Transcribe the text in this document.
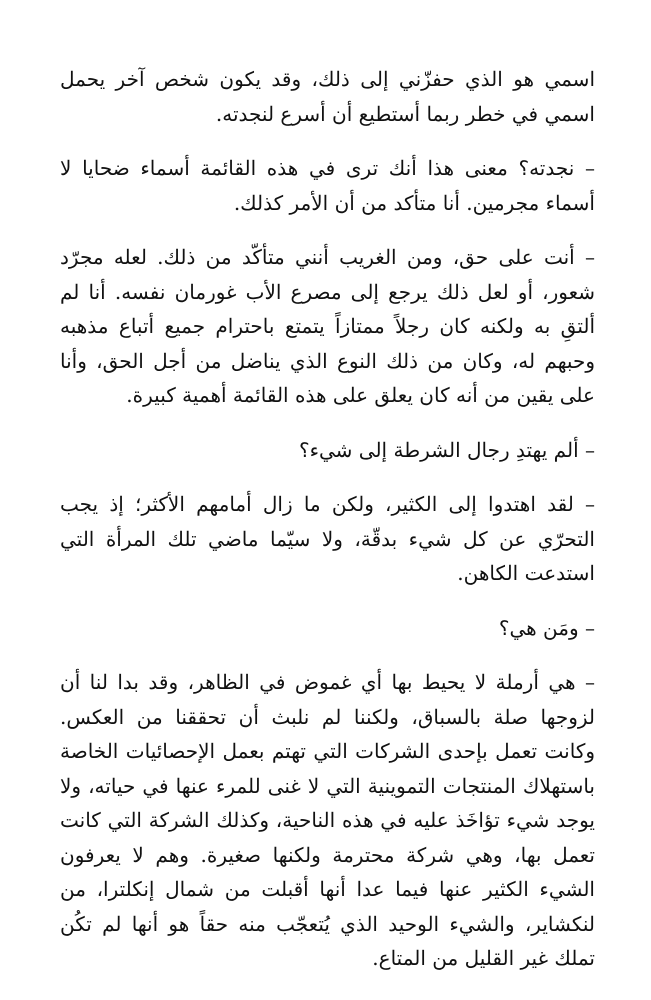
اسمي هو الذي حفزّني إلى ذلك، وقد يكون شخص آخر يحمل اسمي في خطر ربما أستطيع أن أسرع لنجدته.

– نجدته؟ معنى هذا أنك ترى في هذه القائمة أسماء ضحايا لا أسماء مجرمين. أنا متأكد من أن الأمر كذلك.

– أنت على حق، ومن الغريب أنني متأكّد من ذلك. لعله مجرّد شعور، أو لعل ذلك يرجع إلى مصرع الأب غورمان نفسه. أنا لم ألتقِ به ولكنه كان رجلاً ممتازاً يتمتع باحترام جميع أتباع مذهبه وحبهم له، وكان من ذلك النوع الذي يناضل من أجل الحق، وأنا على يقين من أنه كان يعلق على هذه القائمة أهمية كبيرة.

– ألم يهتدِ رجال الشرطة إلى شيء؟

– لقد اهتدوا إلى الكثير، ولكن ما زال أمامهم الأكثر؛ إذ يجب التحرّي عن كل شيء بدقّة، ولا سيّما ماضي تلك المرأة التي استدعت الكاهن.

– ومَن هي؟

– هي أرملة لا يحيط بها أي غموض في الظاهر، وقد بدا لنا أن لزوجها صلة بالسباق، ولكننا لم نلبث أن تحققنا من العكس. وكانت تعمل بإحدى الشركات التي تهتم بعمل الإحصائيات الخاصة باستهلاك المنتجات التموينية التي لا غنى للمرء عنها في حياته، ولا يوجد شيء تؤاخَذ عليه في هذه الناحية، وكذلك الشركة التي كانت تعمل بها، وهي شركة محترمة ولكنها صغيرة. وهم لا يعرفون الشيء الكثير عنها فيما عدا أنها أقبلت من شمال إنكلترا، من لنكشاير، والشيء الوحيد الذي يُتعجّب منه حقاً هو أنها لم تكُن تملك غير القليل من المتاع.
